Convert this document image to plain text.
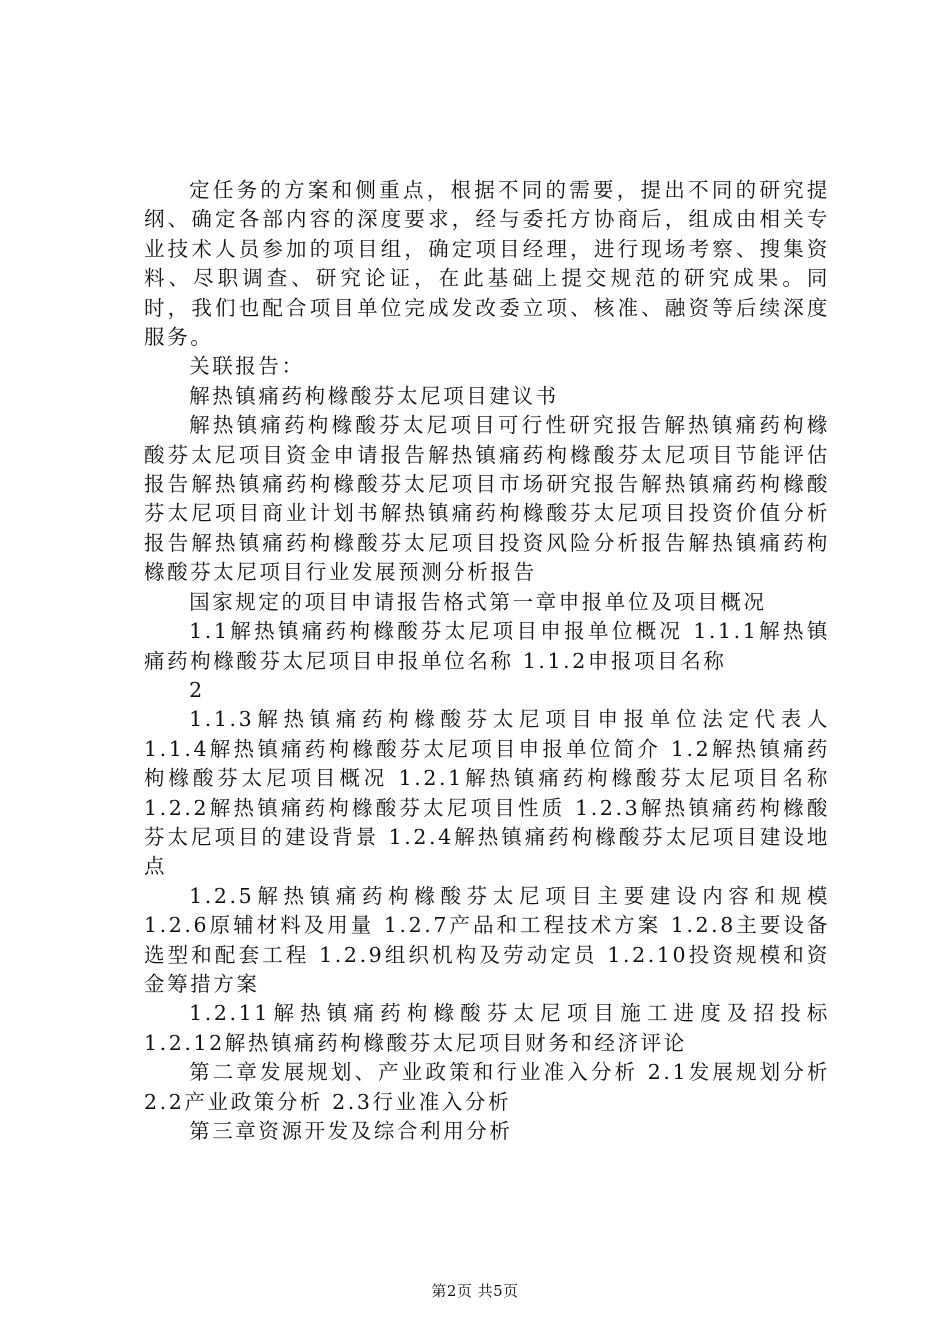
定任务的方案和侧重点，根据不同的需要，提出不同的研究提纲、确定各部内容的深度要求，经与委托方协商后，组成由相关专业技术人员参加的项目组，确定项目经理，进行现场考察、搜集资料、尽职调查、研究论证，在此基础上提交规范的研究成果。同时，我们也配合项目单位完成发改委立项、核准、融资等后续深度服务。

关联报告：

解热镇痛药枸橼酸芬太尼项目建议书

解热镇痛药枸橼酸芬太尼项目可行性研究报告解热镇痛药枸橼酸芬太尼项目资金申请报告解热镇痛药枸橼酸芬太尼项目节能评估报告解热镇痛药枸橼酸芬太尼项目市场研究报告解热镇痛药枸橼酸芬太尼项目商业计划书解热镇痛药枸橼酸芬太尼项目投资价值分析报告解热镇痛药枸橼酸芬太尼项目投资风险分析报告解热镇痛药枸橼酸芬太尼项目行业发展预测分析报告

国家规定的项目申请报告格式第一章申报单位及项目概况

1.1解热镇痛药枸橼酸芬太尼项目申报单位概况 1.1.1解热镇痛药枸橼酸芬太尼项目申报单位名称 1.1.2申报项目名称

2

1.1.3解热镇痛药枸橼酸芬太尼项目申报单位法定代表人 1.1.4解热镇痛药枸橼酸芬太尼项目申报单位简介 1.2解热镇痛药枸橼酸芬太尼项目概况 1.2.1解热镇痛药枸橼酸芬太尼项目名称 1.2.2解热镇痛药枸橼酸芬太尼项目性质 1.2.3解热镇痛药枸橼酸芬太尼项目的建设背景 1.2.4解热镇痛药枸橼酸芬太尼项目建设地点

1.2.5解热镇痛药枸橼酸芬太尼项目主要建设内容和规模 1.2.6原辅材料及用量 1.2.7产品和工程技术方案 1.2.8主要设备选型和配套工程 1.2.9组织机构及劳动定员 1.2.10投资规模和资金筹措方案

1.2.11解热镇痛药枸橼酸芬太尼项目施工进度及招投标 1.2.12解热镇痛药枸橼酸芬太尼项目财务和经济评论

第二章发展规划、产业政策和行业准入分析 2.1发展规划分析 2.2产业政策分析 2.3行业准入分析

第三章资源开发及综合利用分析

第2页 共5页
